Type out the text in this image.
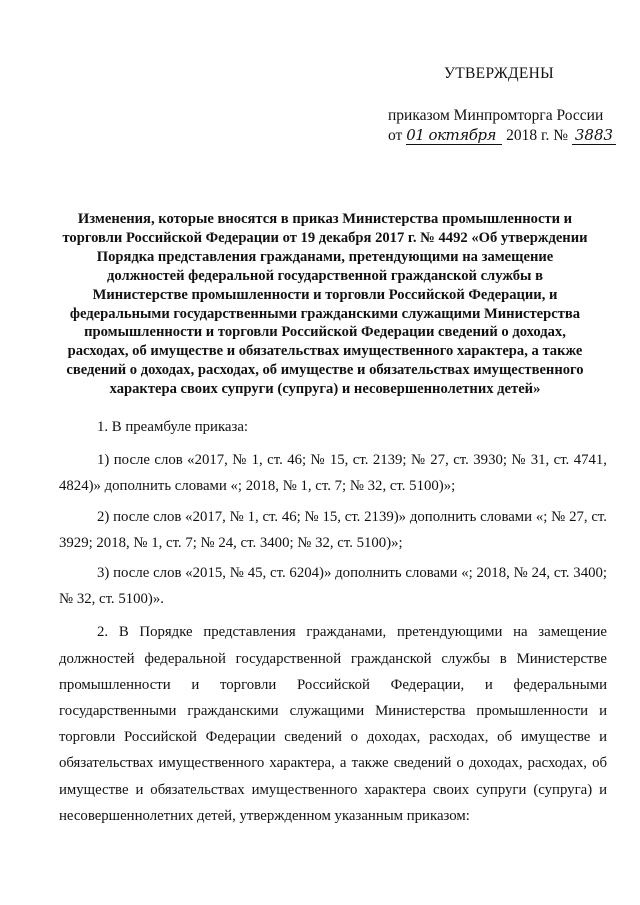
УТВЕРЖДЕНЫ
приказом Минпромторга России
от 01 октября 2018 г. № 3883
Изменения, которые вносятся в приказ Министерства промышленности и торговли Российской Федерации от 19 декабря 2017 г. № 4492 «Об утверждении Порядка представления гражданами, претендующими на замещение должностей федеральной государственной гражданской службы в Министерстве промышленности и торговли Российской Федерации, и федеральными государственными гражданскими служащими Министерства промышленности и торговли Российской Федерации сведений о доходах, расходах, об имуществе и обязательствах имущественного характера, а также сведений о доходах, расходах, об имуществе и обязательствах имущественного характера своих супруги (супруга) и несовершеннолетних детей»

1. В преамбуле приказа:

1) после слов «2017, № 1, ст. 46; № 15, ст. 2139; № 27, ст. 3930; № 31, ст. 4741, 4824)» дополнить словами «; 2018, № 1, ст. 7; № 32, ст. 5100)»;

2) после слов «2017, № 1, ст. 46; № 15, ст. 2139)» дополнить словами «; № 27, ст. 3929; 2018, № 1, ст. 7; № 24, ст. 3400; № 32, ст. 5100)»;

3) после слов «2015, № 45, ст. 6204)» дополнить словами «; 2018, № 24, ст. 3400; № 32, ст. 5100)».

2. В Порядке представления гражданами, претендующими на замещение должностей федеральной государственной гражданской службы в Министерстве промышленности и торговли Российской Федерации, и федеральными государственными гражданскими служащими Министерства промышленности и торговли Российской Федерации сведений о доходах, расходах, об имуществе и обязательствах имущественного характера, а также сведений о доходах, расходах, об имуществе и обязательствах имущественного характера своих супруги (супруга) и несовершеннолетних детей, утвержденном указанным приказом:
